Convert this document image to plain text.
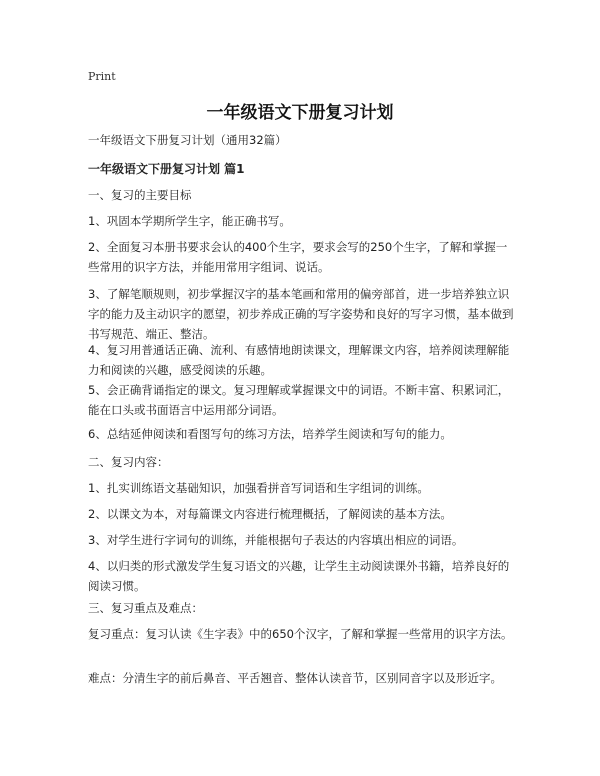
Print
一年级语文下册复习计划
一年级语文下册复习计划（通用32篇）
一年级语文下册复习计划 篇1
一、复习的主要目标
1、巩固本学期所学生字，能正确书写。
2、全面复习本册书要求会认的400个生字，要求会写的250个生字，了解和掌握一些常用的识字方法，并能用常用字组词、说话。
3、了解笔顺规则，初步掌握汉字的基本笔画和常用的偏旁部首，进一步培养独立识字的能力及主动识字的愿望，初步养成正确的写字姿势和良好的写字习惯，基本做到书写规范、端正、整洁。
4、复习用普通话正确、流利、有感情地朗读课文，理解课文内容，培养阅读理解能力和阅读的兴趣，感受阅读的乐趣。
5、会正确背诵指定的课文。复习理解或掌握课文中的词语。不断丰富、积累词汇，能在口头或书面语言中运用部分词语。
6、总结延伸阅读和看图写句的练习方法，培养学生阅读和写句的能力。
二、复习内容：
1、扎实训练语文基础知识，加强看拼音写词语和生字组词的训练。
2、以课文为本，对每篇课文内容进行梳理概括，了解阅读的基本方法。
3、对学生进行字词句的训练，并能根据句子表达的内容填出相应的词语。
4、以归类的形式激发学生复习语文的兴趣，让学生主动阅读课外书籍，培养良好的阅读习惯。
三、复习重点及难点：
复习重点：复习认读《生字表》中的650个汉字，了解和掌握一些常用的识字方法。
难点：分清生字的前后鼻音、平舌翘音、整体认读音节，区别同音字以及形近字。
